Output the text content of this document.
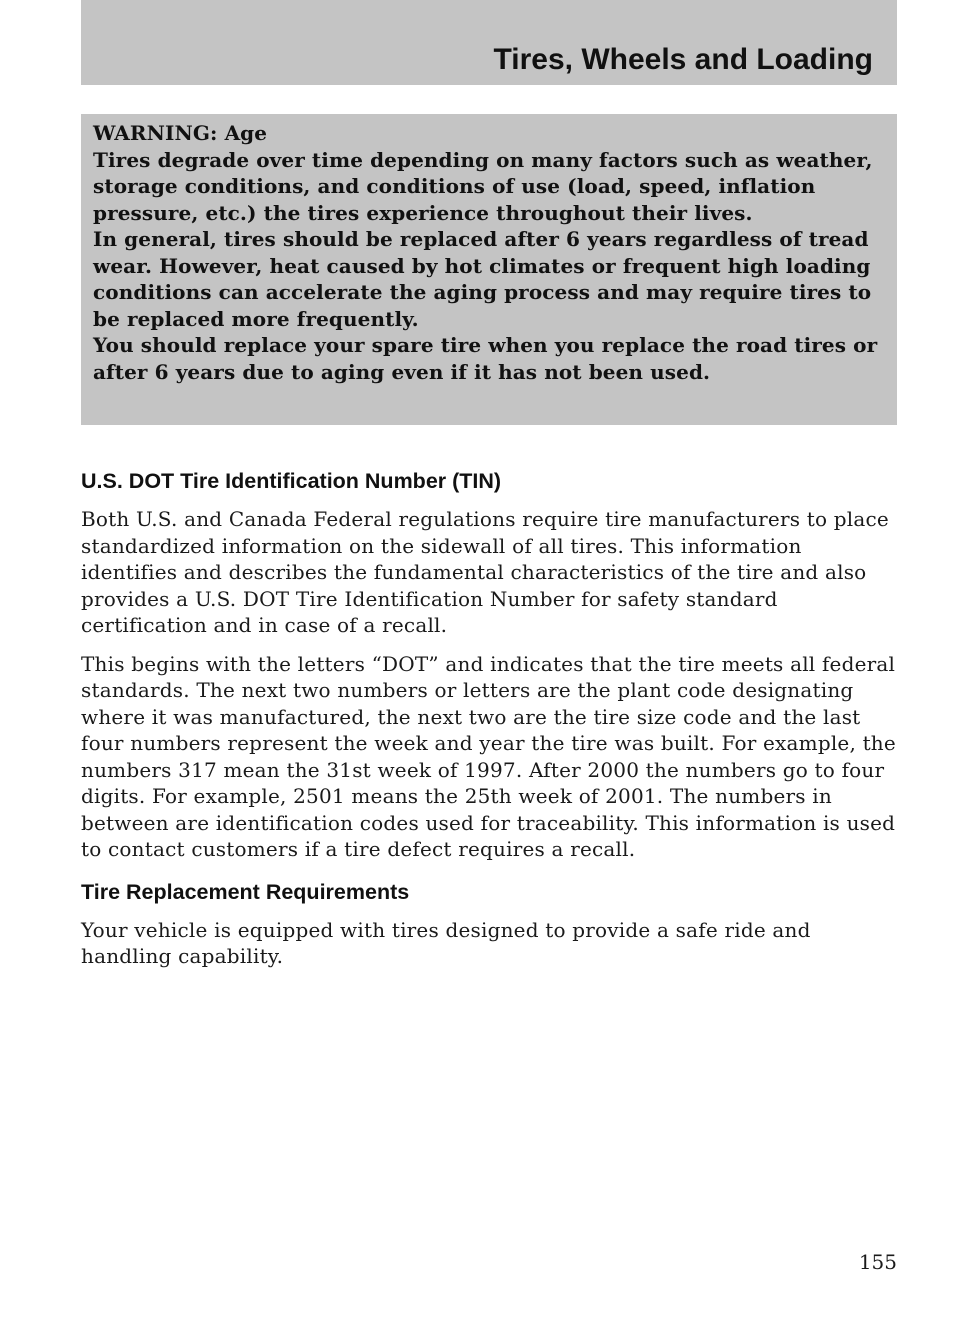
Tires, Wheels and Loading

WARNING: Age

Tires degrade over time depending on many factors such as weather, storage conditions, and conditions of use (load, speed, inflation pressure, etc.) the tires experience throughout their lives.

In general, tires should be replaced after 6 years regardless of tread wear. However, heat caused by hot climates or frequent high loading conditions can accelerate the aging process and may require tires to be replaced more frequently.

You should replace your spare tire when you replace the road tires or after 6 years due to aging even if it has not been used.

U.S. DOT Tire Identification Number (TIN)

Both U.S. and Canada Federal regulations require tire manufacturers to place standardized information on the sidewall of all tires. This information identifies and describes the fundamental characteristics of the tire and also provides a U.S. DOT Tire Identification Number for safety standard certification and in case of a recall.

This begins with the letters “DOT” and indicates that the tire meets all federal standards. The next two numbers or letters are the plant code designating where it was manufactured, the next two are the tire size code and the last four numbers represent the week and year the tire was built. For example, the numbers 317 mean the 31st week of 1997. After 2000 the numbers go to four digits. For example, 2501 means the 25th week of 2001. The numbers in between are identification codes used for traceability. This information is used to contact customers if a tire defect requires a recall.

Tire Replacement Requirements

Your vehicle is equipped with tires designed to provide a safe ride and handling capability.

155
